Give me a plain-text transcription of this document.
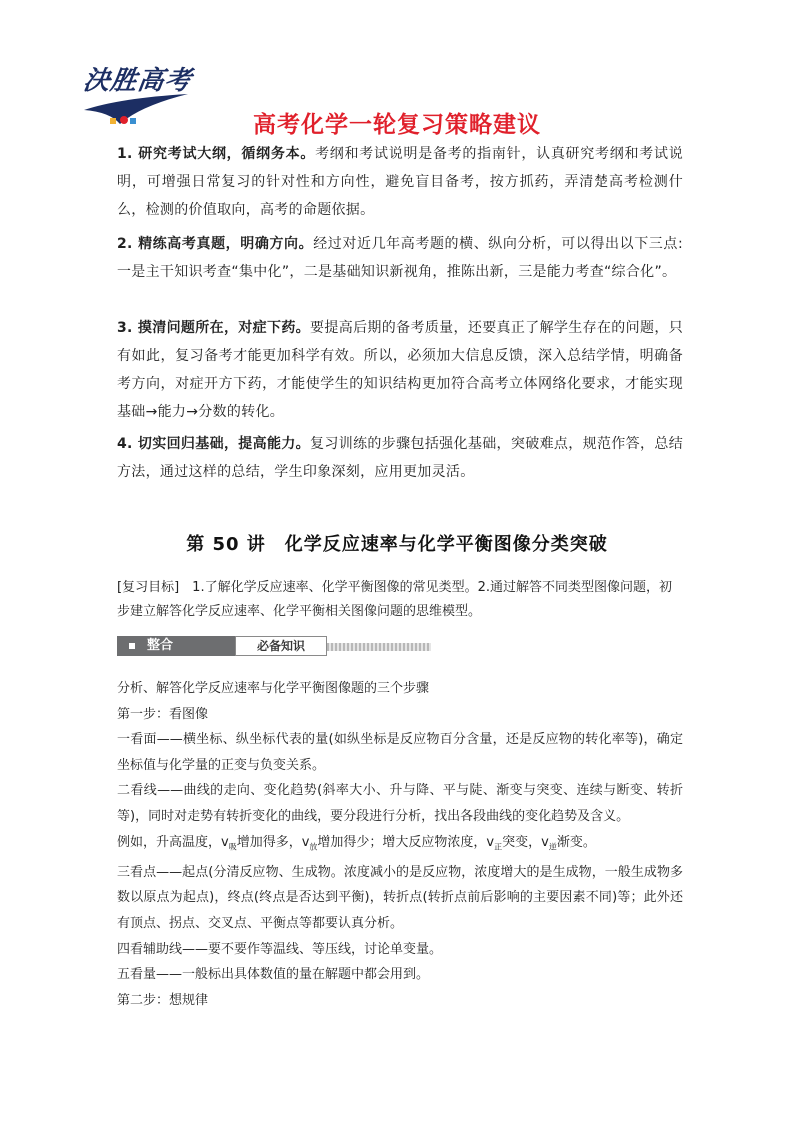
決胜高考
高考化学一轮复习策略建议
1. 研究考试大纲，循纲务本。考纲和考试说明是备考的指南针，认真研究考纲和考试说明，可增强日常复习的针对性和方向性，避免盲目备考，按方抓药，弄清楚高考检测什么，检测的价值取向，高考的命题依据。
2. 精练高考真题，明确方向。经过对近几年高考题的横、纵向分析，可以得出以下三点:一是主干知识考查“集中化”，二是基础知识新视角，推陈出新，三是能力考查“综合化”。
3. 摸清问题所在，对症下药。要提高后期的备考质量，还要真正了解学生存在的问题，只有如此，复习备考才能更加科学有效。所以，必须加大信息反馈，深入总结学情，明确备考方向，对症开方下药，才能使学生的知识结构更加符合高考立体网络化要求，才能实现基础→能力→分数的转化。
4. 切实回归基础，提高能力。复习训练的步骤包括强化基础，突破难点，规范作答，总结方法，通过这样的总结，学生印象深刻，应用更加灵活。
第 50 讲　化学反应速率与化学平衡图像分类突破
[复习目标]　 1.了解化学反应速率、化学平衡图像的常见类型。2.通过解答不同类型图像问题，初步建立解答化学反应速率、化学平衡相关图像问题的思维模型。
整合	必备知识

分析、解答化学反应速率与化学平衡图像题的三个步骤

第一步：看图像

一看面——横坐标、纵坐标代表的量(如纵坐标是反应物百分含量，还是反应物的转化率等)，确定坐标值与化学量的正变与负变关系。

二看线——曲线的走向、变化趋势(斜率大小、升与降、平与陡、渐变与突变、连续与断变、转折等)，同时对走势有转折变化的曲线，要分段进行分析，找出各段曲线的变化趋势及含义。

例如，升高温度，$v_吸$增加得多，$v_放$增加得少；增大反应物浓度，$v_正$突变，$v_逆$渐变。

三看点——起点(分清反应物、生成物。浓度减小的是反应物，浓度增大的是生成物，一般生成物多数以原点为起点)，终点(终点是否达到平衡)，转折点(转折点前后影响的主要因素不同)等；此外还有顶点、拐点、交叉点、平衡点等都要认真分析。

四看辅助线——要不要作等温线、等压线，讨论单变量。

五看量——一般标出具体数值的量在解题中都会用到。

第二步：想规律
